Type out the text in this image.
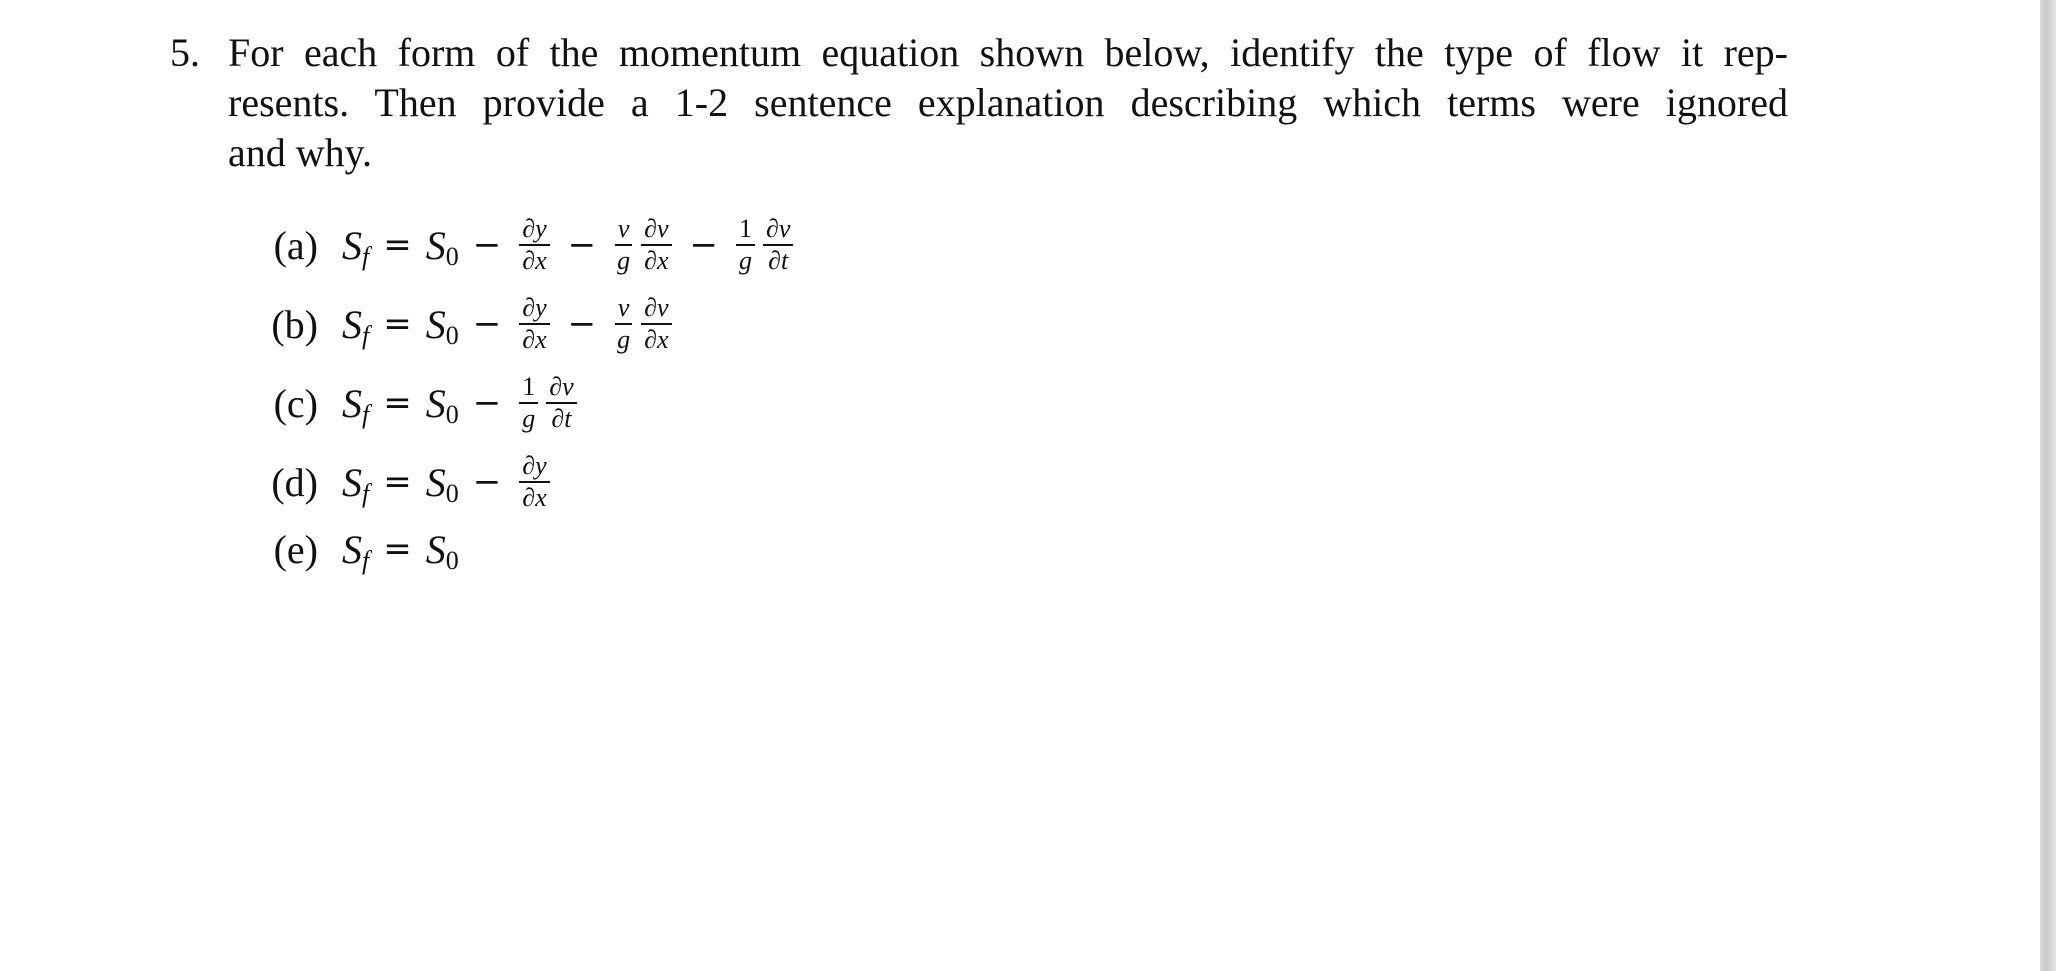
5. For each form of the momentum equation shown below, identify the type of flow it rep-
resents. Then provide a 1-2 sentence explanation describing which terms were ignored
and why.
(a) S f = S $0 - \frac{\partial y}{\partial x} - \frac{v}{g} \frac{\partial v}{\partial x} - \frac{1}{g} \frac{\partial v}{\partial t}$
(b) S f = S $0 - \frac{\partial y}{\partial x} - \frac{v}{g} \frac{\partial v}{\partial x}$
(c) S f = S $0 - \frac{1}{g} \frac{\partial v}{\partial t}$
(d) S f = S $0 - \frac{\partial y}{\partial x}$
(e) S f = S 0
